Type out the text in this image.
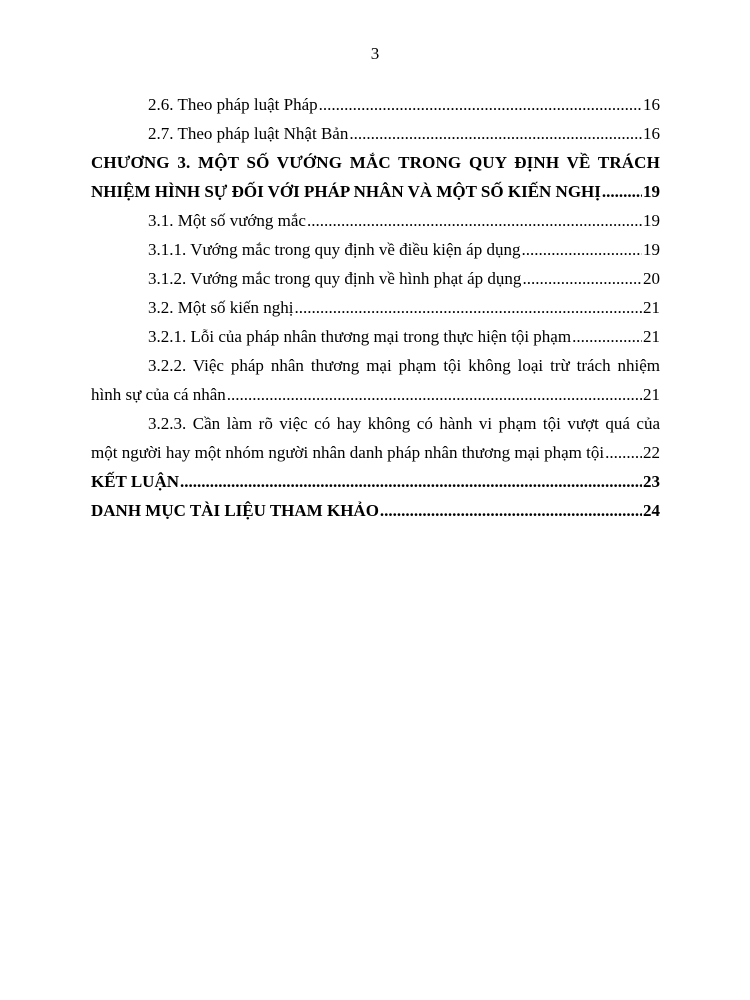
3
2.6. Theo pháp luật Pháp .....	16
2.7. Theo pháp luật Nhật Bản .....	16
CHƯƠNG 3. MỘT SỐ VƯỚNG MẮC TRONG QUY ĐỊNH VỀ TRÁCH
NHIỆM HÌNH SỰ ĐỐI VỚI PHÁP NHÂN VÀ MỘT SỐ KIẾN NGHỊ ..... 19
3.1. Một số vướng mắc .....	19
3.1.1. Vướng mắc trong quy định về điều kiện áp dụng .....	19
3.1.2. Vướng mắc trong quy định về hình phạt áp dụng .....	20
3.2. Một số kiến nghị .....	21
3.2.1. Lỗi của pháp nhân thương mại trong thực hiện tội phạm .....	21
3.2.2. Việc pháp nhân thương mại phạm tội không loại trừ trách nhiệm
hình sự của cá nhân .....	21
3.2.3. Cần làm rõ việc có hay không có hành vi phạm tội vượt quá của
một người hay một nhóm người nhân danh pháp nhân thương mại phạm tội ..... 22
KẾT LUẬN .....	23
DANH MỤC TÀI LIỆU THAM KHẢO .....	24
